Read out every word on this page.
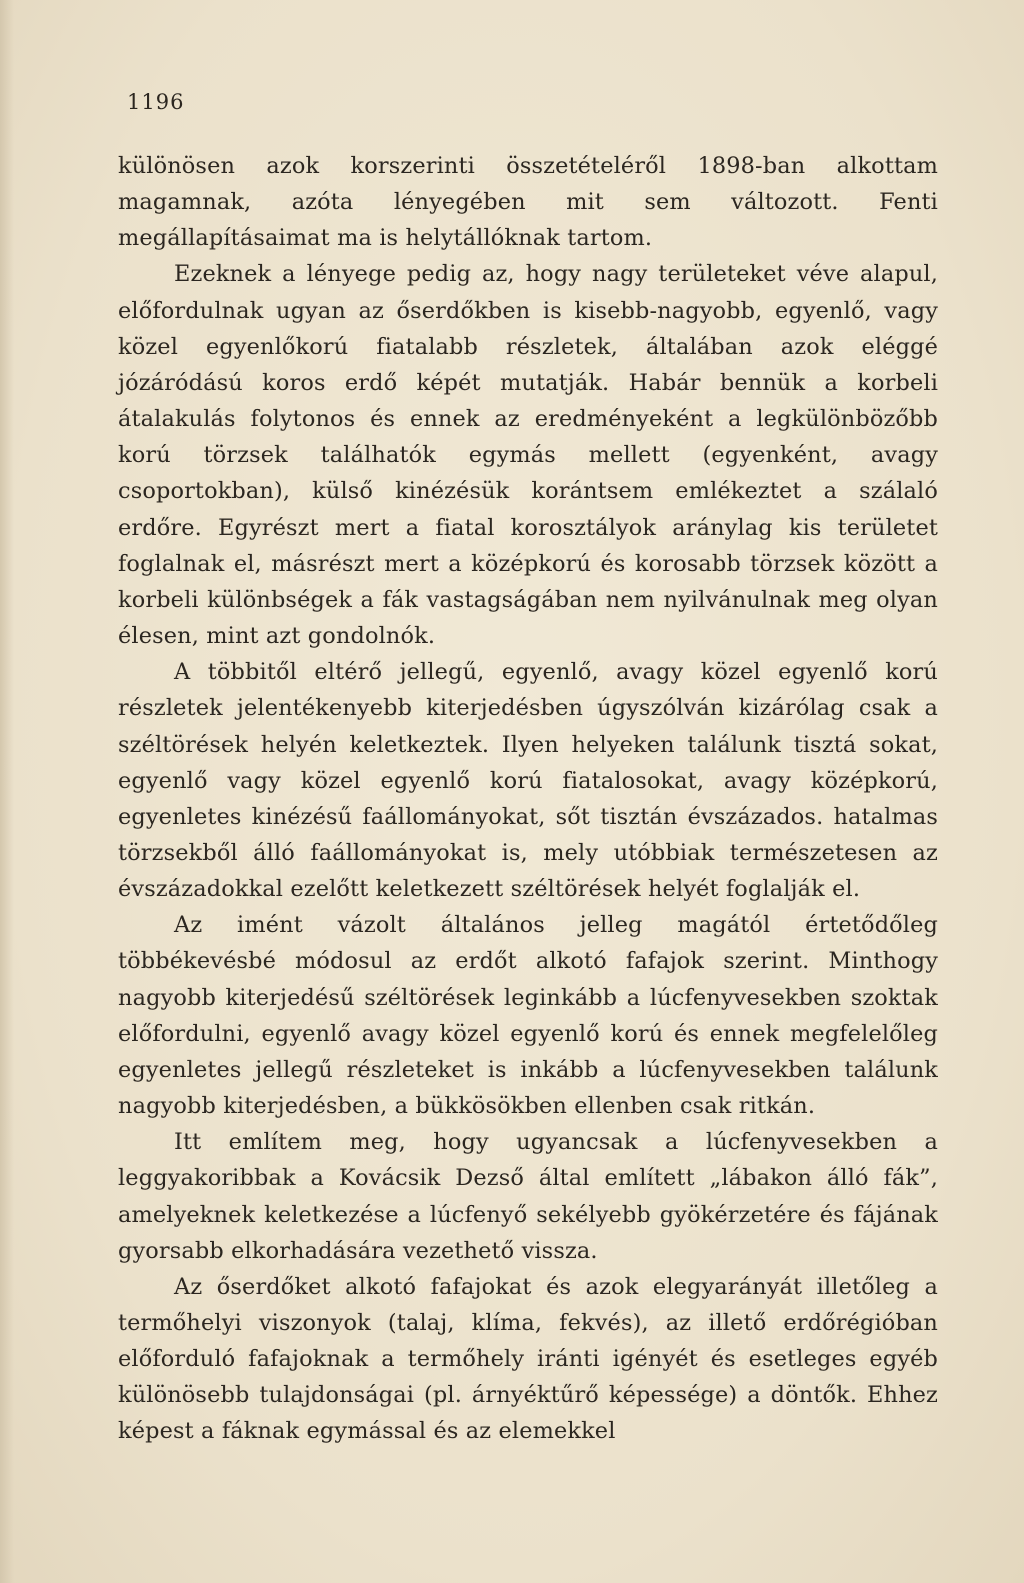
1196

különösen azok korszerinti összetételéről 1898-ban alkottam magamnak, azóta lényegében mit sem változott. Fenti megállapításaimat ma is helytállóknak tartom.

Ezeknek a lényege pedig az, hogy nagy területeket véve alapul, előfordulnak ugyan az őserdőkben is kisebb-nagyobb, egyenlő, vagy közel egyenlőkorú fiatalabb részletek, általában azok eléggé józáródású koros erdő képét mutatják. Habár bennük a korbeli átalakulás folytonos és ennek az eredményeként a legkülönbözőbb korú törzsek találhatók egymás mellett (egyenként, avagy csoportokban), külső kinézésük korántsem emlékeztet a szálaló erdőre. Egyrészt mert a fiatal korosztályok aránylag kis területet foglalnak el, másrészt mert a középkorú és korosabb törzsek között a korbeli különbségek a fák vastagságában nem nyilvánulnak meg olyan élesen, mint azt gondolnók.

A többitől eltérő jellegű, egyenlő, avagy közel egyenlő korú részletek jelentékenyebb kiterjedésben úgyszólván kizárólag csak a széltörések helyén keletkeztek. Ilyen helyeken találunk tisztá sokat, egyenlő vagy közel egyenlő korú fiatalosokat, avagy középkorú, egyenletes kinézésű faállományokat, sőt tisztán évszázados. hatalmas törzsekből álló faállományokat is, mely utóbbiak természetesen az évszázadokkal ezelőtt keletkezett széltörések helyét foglalják el.

Az imént vázolt általános jelleg magától értetődőleg többékevésbé módosul az erdőt alkotó fafajok szerint. Minthogy nagyobb kiterjedésű széltörések leginkább a lúcfenyvesekben szoktak előfordulni, egyenlő avagy közel egyenlő korú és ennek megfelelőleg egyenletes jellegű részleteket is inkább a lúcfenyvesekben találunk nagyobb kiterjedésben, a bükkösökben ellenben csak ritkán.

Itt említem meg, hogy ugyancsak a lúcfenyvesekben a leggyakoribbak a Kovácsik Dezső által említett „lábakon álló fák”, amelyeknek keletkezése a lúcfenyő sekélyebb gyökérzetére és fájának gyorsabb elkorhadására vezethető vissza.

Az őserdőket alkotó fafajokat és azok elegyarányát illetőleg a termőhelyi viszonyok (talaj, klíma, fekvés), az illető erdőrégióban előforduló fafajoknak a termőhely iránti igényét és esetleges egyéb különösebb tulajdonságai (pl. árnyéktűrő képessége) a döntők. Ehhez képest a fáknak egymással és az elemekkel
